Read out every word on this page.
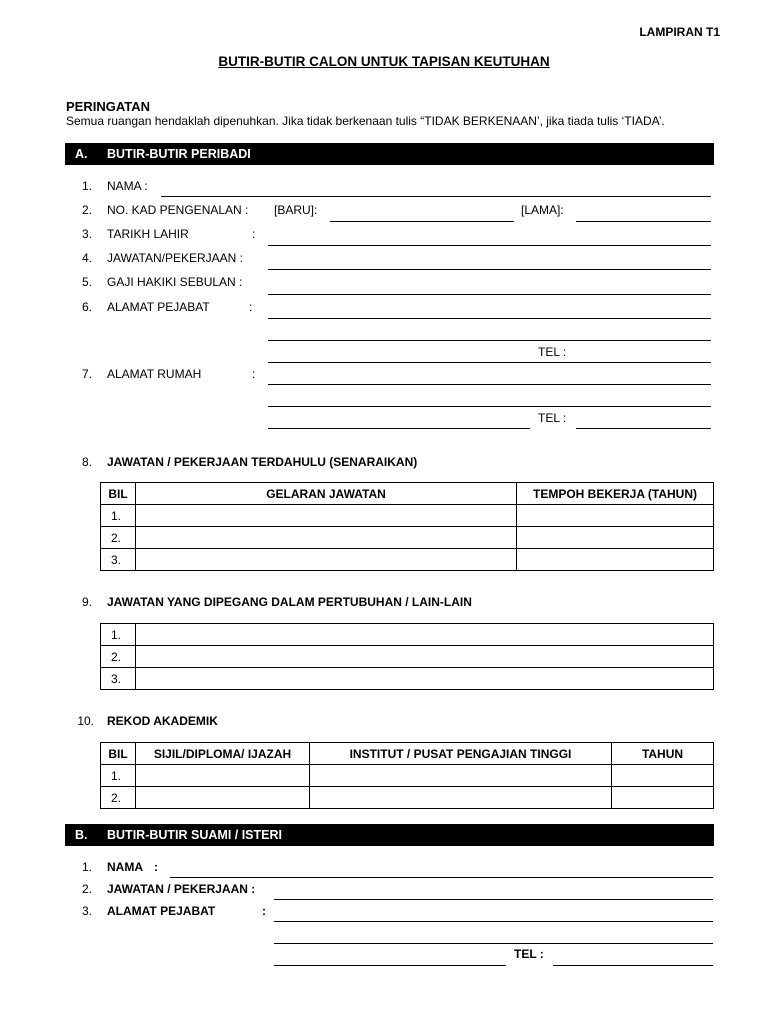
LAMPIRAN T1
BUTIR-BUTIR CALON UNTUK TAPISAN KEUTUHAN
PERINGATAN
Semua ruangan hendaklah dipenuhkan. Jika tidak berkenaan tulis “TIDAK BERKENAAN’, jika tiada tulis ‘TIADA’.
A.	BUTIR-BUTIR PERIBADI
1. NAMA :
2. NO. KAD PENGENALAN : [BARU]:	[LAMA]:
3. TARIKH LAHIR	:
4. JAWATAN/PEKERJAAN :
5. GAJI HAKIKI SEBULAN :
6. ALAMAT PEJABAT	:
TEL :
7. ALAMAT RUMAH	:
TEL :
8. JAWATAN / PEKERJAAN TERDAHULU (SENARAIKAN)
BIL	GELARAN JAWATAN	TEMPOH BEKERJA (TAHUN)
1.		
2.		
3.		
9. JAWATAN YANG DIPEGANG DALAM PERTUBUHAN / LAIN-LAIN
1.	
2.	
3.	
10. REKOD AKADEMIK
BIL	SIJIL/DIPLOMA/ IJAZAH	INSTITUT / PUSAT PENGAJIAN TINGGI	TAHUN
1.			
2.			
B.	BUTIR-BUTIR SUAMI / ISTERI
1. NAMA :
2. JAWATAN / PEKERJAAN :
3. ALAMAT PEJABAT	:
TEL :
